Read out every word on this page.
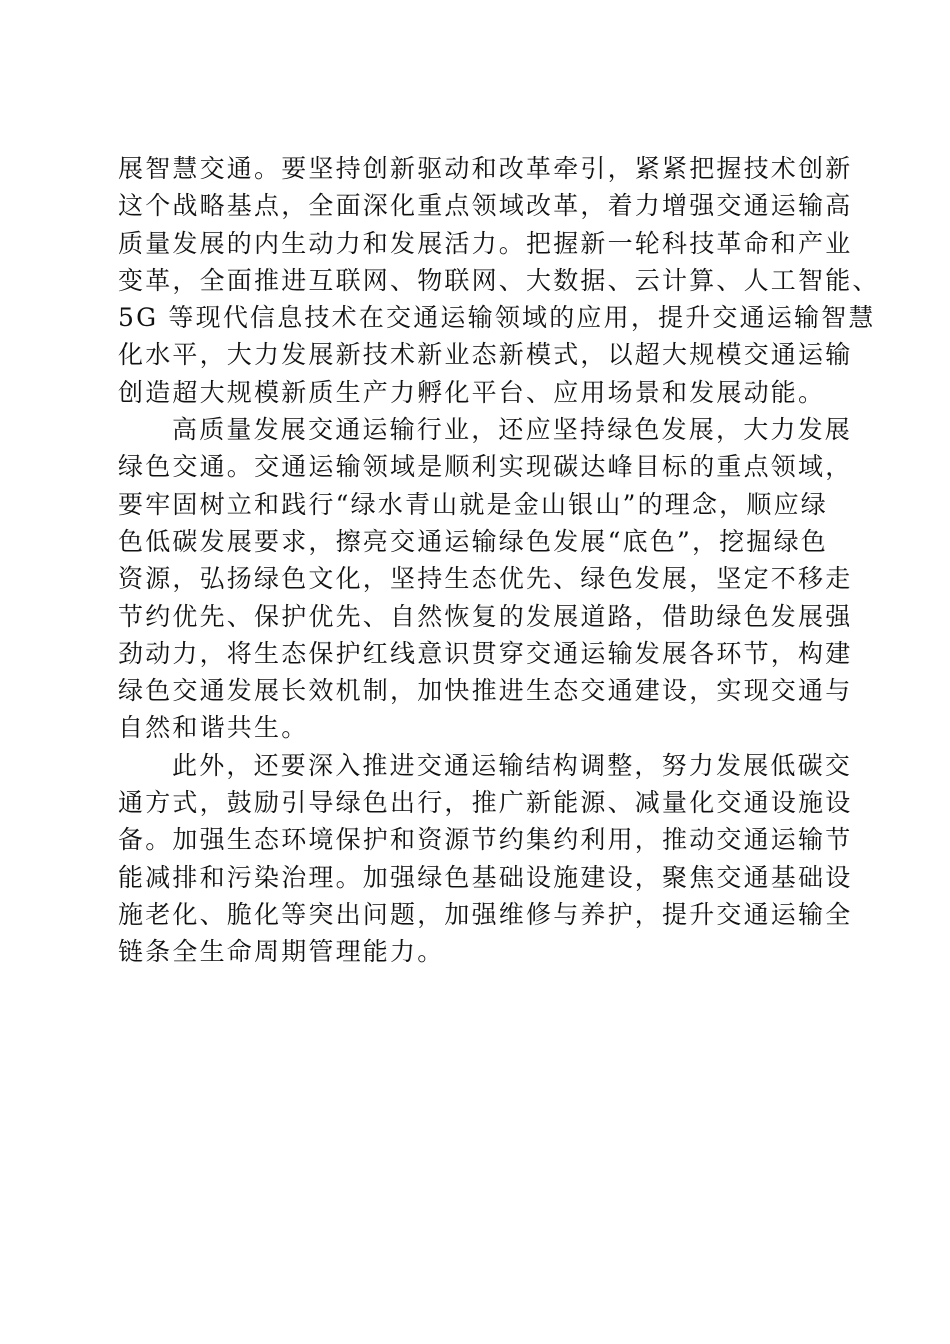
展智慧交通。要坚持创新驱动和改革牵引，紧紧把握技术创新
这个战略基点，全面深化重点领域改革，着力增强交通运输高
质量发展的内生动力和发展活力。把握新一轮科技革命和产业
变革，全面推进互联网、物联网、大数据、云计算、人工智能、
5G 等现代信息技术在交通运输领域的应用，提升交通运输智慧
化水平，大力发展新技术新业态新模式，以超大规模交通运输
创造超大规模新质生产力孵化平台、应用场景和发展动能。
高质量发展交通运输行业，还应坚持绿色发展，大力发展
绿色交通。交通运输领域是顺利实现碳达峰目标的重点领域，
要牢固树立和践行“绿水青山就是金山银山”的理念，顺应绿
色低碳发展要求，擦亮交通运输绿色发展“底色”，挖掘绿色
资源，弘扬绿色文化，坚持生态优先、绿色发展，坚定不移走
节约优先、保护优先、自然恢复的发展道路，借助绿色发展强
劲动力，将生态保护红线意识贯穿交通运输发展各环节，构建
绿色交通发展长效机制，加快推进生态交通建设，实现交通与
自然和谐共生。
此外，还要深入推进交通运输结构调整，努力发展低碳交
通方式，鼓励引导绿色出行，推广新能源、减量化交通设施设
备。加强生态环境保护和资源节约集约利用，推动交通运输节
能减排和污染治理。加强绿色基础设施建设，聚焦交通基础设
施老化、脆化等突出问题，加强维修与养护，提升交通运输全
链条全生命周期管理能力。
